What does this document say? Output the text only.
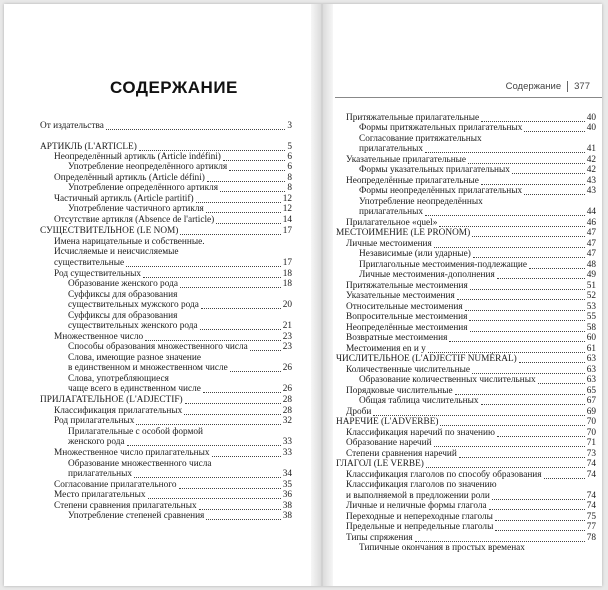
СОДЕРЖАНИЕ
От издательства	3
АРТИКЛЬ (L'ARTICLE)	5
Неопределённый артикль (Article indéfini)	6
Употребление неопределённого артикля	6
Определённый артикль (Article défini)	8
Употребление определённого артикля	8
Частичный артикль (Article partitif)	12
Употребление частичного артикля	12
Отсутствие артикля (Absence de l'article)	14
СУЩЕСТВИТЕЛЬНОЕ (LE NOM)	17
Имена нарицательные и собственные.
Исчисляемые и неисчисляемые
существительные	17
Род существительных	18
Образование женского рода	18
Суффиксы для образования
существительных мужского рода	20
Суффиксы для образования
существительных женского рода	21
Множественное число	23
Способы образования множественного числа	23
Слова, имеющие разное значение
в единственном и множественном числе	26
Слова, употребляющиеся
чаще всего в единственном числе	26
ПРИЛАГАТЕЛЬНОЕ (L'ADJECTIF)	28
Классификация прилагательных	28
Род прилагательных	32
Прилагательные с особой формой
женского рода	33
Множественное число прилагательных	33
Образование множественного числа
прилагательных	34
Согласование прилагательного	35
Место прилагательных	36
Степени сравнения прилагательных	38
Употребление степеней сравнения	38
Содержание 377
Притяжательные прилагательные	40
Формы притяжательных прилагательных	40
Согласование притяжательных
прилагательных	41
Указательные прилагательные	42
Формы указательных прилагательных	42
Неопределённые прилагательные	43
Формы неопределённых прилагательных	43
Употребление неопределённых
прилагательных	44
Прилагательное «quel»	46
МЕСТОИМЕНИЕ (LE PRONOM)	47
Личные местоимения	47
Независимые (или ударные)	47
Приглагольные местоимения-подлежащие	48
Личные местоимения-дополнения	49
Притяжательные местоимения	51
Указательные местоимения	52
Относительные местоимения	53
Вопросительные местоимения	55
Неопределённые местоимения	58
Возвратные местоимения	60
Местоимения en и y	61
ЧИСЛИТЕЛЬНОЕ (L'ADJECTIF NUMÉRAL)	63
Количественные числительные	63
Образование количественных числительных	63
Порядковые числительные	65
Общая таблица числительных	67
Дроби	69
НАРЕЧИЕ (L'ADVERBE)	70
Классификация наречий по значению	70
Образование наречий	71
Степени сравнения наречий	73
ГЛАГОЛ (LE VERBE)	74
Классификация глаголов по способу образования	74
Классификация глаголов по значению
и выполняемой в предложении роли	74
Личные и неличные формы глагола	74
Переходные и непереходные глаголы	75
Предельные и непредельные глаголы	77
Типы спряжения	78
Типичные окончания в простых временах
